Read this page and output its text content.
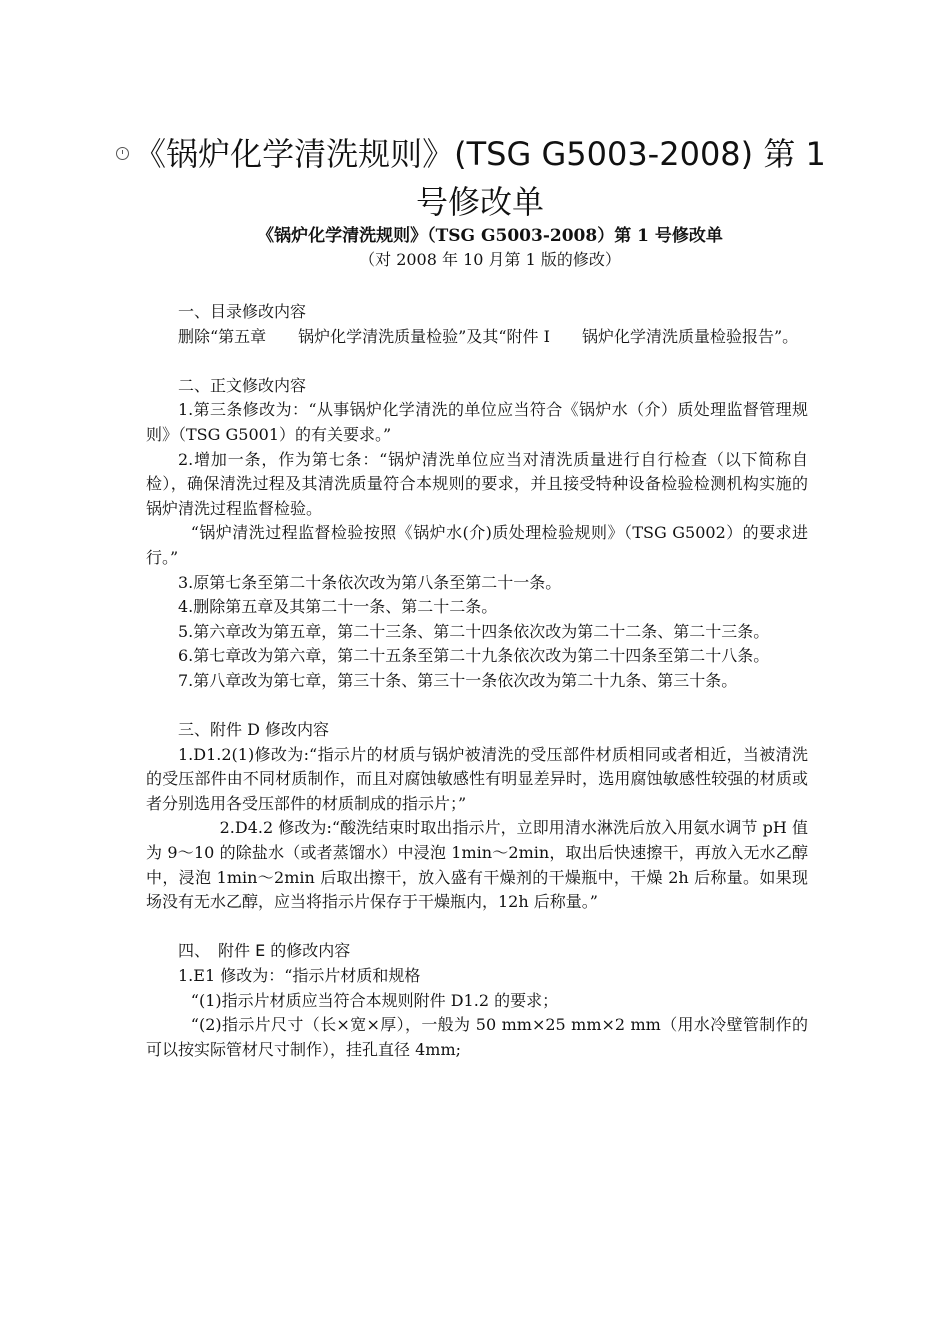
《锅炉化学清洗规则》(TSG G5003-2008) 第 1 号修改单
《锅炉化学清洗规则》（TSG G5003-2008）第 1 号修改单
（对 2008 年 10 月第 1 版的修改）

一、目录修改内容

删除“第五章　　锅炉化学清洗质量检验”及其“附件 I　　锅炉化学清洗质量检验报告”。

二、正文修改内容

1.第三条修改为：“从事锅炉化学清洗的单位应当符合《锅炉水（介）质处理监督管理规则》（TSG G5001）的有关要求。”

2.增加一条，作为第七条：“锅炉清洗单位应当对清洗质量进行自行检查（以下简称自检），确保清洗过程及其清洗质量符合本规则的要求，并且接受特种设备检验检测机构实施的锅炉清洗过程监督检验。

“锅炉清洗过程监督检验按照《锅炉水(介)质处理检验规则》（TSG G5002）的要求进行。”

3.原第七条至第二十条依次改为第八条至第二十一条。

4.删除第五章及其第二十一条、第二十二条。

5.第六章改为第五章，第二十三条、第二十四条依次改为第二十二条、第二十三条。

6.第七章改为第六章，第二十五条至第二十九条依次改为第二十四条至第二十八条。

7.第八章改为第七章，第三十条、第三十一条依次改为第二十九条、第三十条。

三、附件 D 修改内容

1.D1.2(1)修改为:“指示片的材质与锅炉被清洗的受压部件材质相同或者相近，当被清洗的受压部件由不同材质制作，而且对腐蚀敏感性有明显差异时，选用腐蚀敏感性较强的材质或者分别选用各受压部件的材质制成的指示片；”

2.D4.2 修改为:“酸洗结束时取出指示片，立即用清水淋洗后放入用氨水调节 pH 值为 9～10 的除盐水（或者蒸馏水）中浸泡 1min～2min，取出后快速擦干，再放入无水乙醇中，浸泡 1min～2min 后取出擦干，放入盛有干燥剂的干燥瓶中，干燥 2h 后称量。如果现场没有无水乙醇，应当将指示片保存于干燥瓶内，12h 后称量。”

四、　附件 E 的修改内容

1.E1 修改为：“指示片材质和规格

“(1)指示片材质应当符合本规则附件 D1.2 的要求；

“(2)指示片尺寸（长×宽×厚），一般为 50 mm×25 mm×2 mm（用水冷壁管制作的可以按实际管材尺寸制作），挂孔直径 4mm;
